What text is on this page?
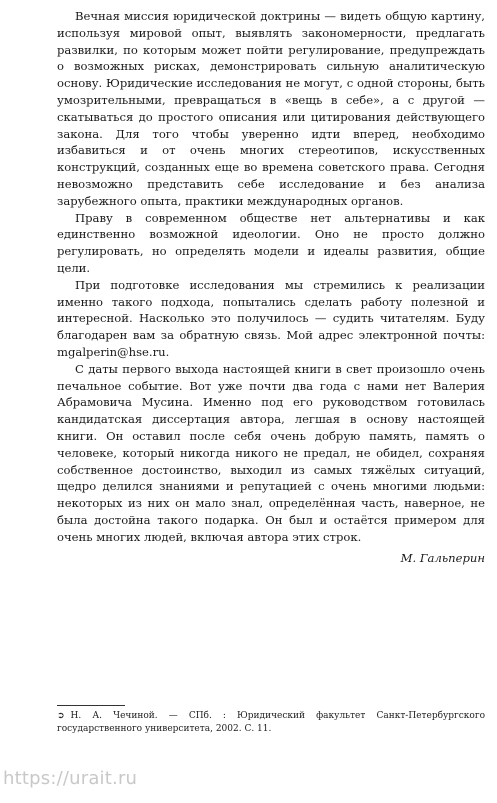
Вечная миссия юридической доктрины — видеть общую картину, используя мировой опыт, выявлять закономерности, предлагать развилки, по которым может пойти регулирование, предупреждать о возможных рисках, демонстрировать сильную аналитическую основу. Юридические исследования не могут, с одной стороны, быть умозрительными, превращаться в «вещь в себе», а с другой — скатываться до простого описания или цитирования действующего закона. Для того чтобы уверенно идти вперед, необходимо избавиться и от очень многих стереотипов, искусственных конструкций, созданных еще во времена советского права. Сегодня невозможно представить себе исследование и без анализа зарубежного опыта, практики международных органов.

Праву в современном обществе нет альтернативы и как единственно возможной идеологии. Оно не просто должно регулировать, но определять модели и идеалы развития, общие цели.

При подготовке исследования мы стремились к реализации именно такого подхода, попытались сделать работу полезной и интересной. Насколько это получилось — судить читателям. Буду благодарен вам за обратную связь. Мой адрес электронной почты: mgalperin@hse.ru.

С даты первого выхода настоящей книги в свет произошло очень печальное событие. Вот уже почти два года с нами нет Валерия Абрамовича Мусина. Именно под его руководством готовилась кандидатская диссертация автора, легшая в основу настоящей книги. Он оставил после себя очень добрую память, память о человеке, который никогда никого не предал, не обидел, сохраняя собственное достоинство, выходил из самых тяжёлых ситуаций, щедро делился знаниями и репутацией с очень многими людьми: некоторых из них он мало знал, определённая часть, наверное, не была достойна такого подарка. Он был и остаётся примером для очень многих людей, включая автора этих строк.

М. Гальперин

➲ Н. А. Чечиной. — СПб. : Юридический факультет Санкт-Петербургского государственного университета, 2002. С. 11.

https://urait.ru
